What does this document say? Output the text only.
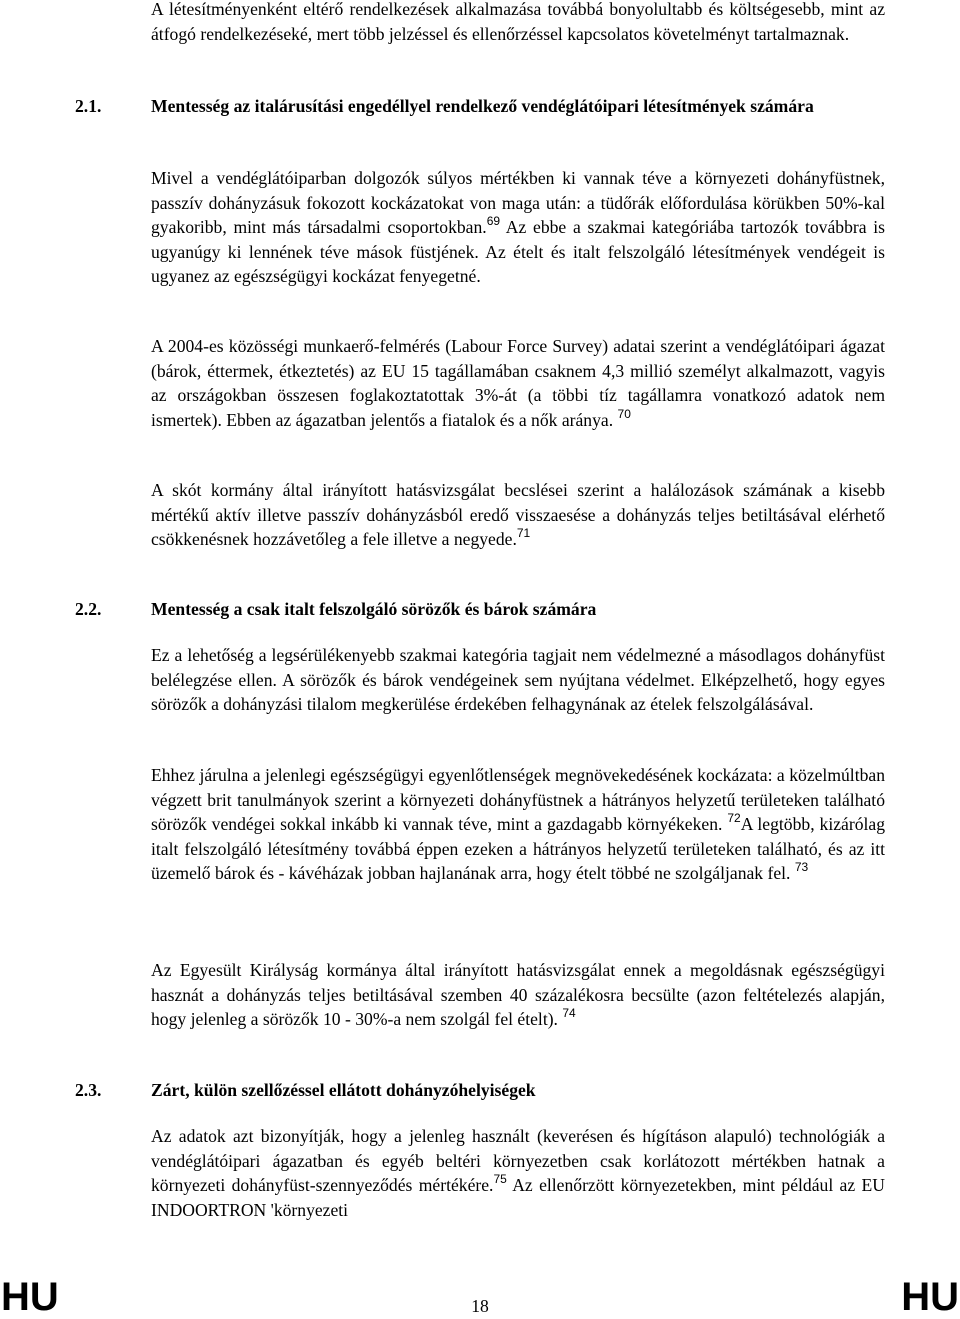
A létesítményenként eltérő rendelkezések alkalmazása továbbá bonyolultabb és költségesebb, mint az átfogó rendelkezéseké, mert több jelzéssel és ellenőrzéssel kapcsolatos követelményt tartalmaznak.

2.1.	Mentesség az italárusítási engedéllyel rendelkező vendéglátóipari létesítmények számára

Mivel a vendéglátóiparban dolgozók súlyos mértékben ki vannak téve a környezeti dohányfüstnek, passzív dohányzásuk fokozott kockázatokat von maga után: a tüdőrák előfordulása körükben 50%-kal gyakoribb, mint más társadalmi csoportokban.$^{69}$ Az ebbe a szakmai kategóriába tartozók továbbra is ugyanúgy ki lennének téve mások füstjének. Az ételt és italt felszolgáló létesítmények vendégeit is ugyanez az egészségügyi kockázat fenyegetné.

A 2004-es közösségi munkaerő-felmérés (Labour Force Survey) adatai szerint a vendéglátóipari ágazat (bárok, éttermek, étkeztetés) az EU 15 tagállamában csaknem 4,3 millió személyt alkalmazott, vagyis az országokban összesen foglakoztatottak 3%-át (a többi tíz tagállamra vonatkozó adatok nem ismertek). Ebben az ágazatban jelentős a fiatalok és a nők aránya. $^{70}$

A skót kormány által irányított hatásvizsgálat becslései szerint a halálozások számának a kisebb mértékű aktív illetve passzív dohányzásból eredő visszaesése a dohányzás teljes betiltásával elérhető csökkenésnek hozzávetőleg a fele illetve a negyede.$^{71}$

2.2.	Mentesség a csak italt felszolgáló sörözők és bárok számára

Ez a lehetőség a legsérülékenyebb szakmai kategória tagjait nem védelmezné a másodlagos dohányfüst belélegzése ellen. A sörözők és bárok vendégeinek sem nyújtana védelmet. Elképzelhető, hogy egyes sörözők a dohányzási tilalom megkerülése érdekében felhagynának az ételek felszolgálásával.

Ehhez járulna a jelenlegi egészségügyi egyenlőtlenségek megnövekedésének kockázata: a közelmúltban végzett brit tanulmányok szerint a környezeti dohányfüstnek a hátrányos helyzetű területeken található sörözők vendégei sokkal inkább ki vannak téve, mint a gazdagabb környékeken. $^{72}$A legtöbb, kizárólag italt felszolgáló létesítmény továbbá éppen ezeken a hátrányos helyzetű területeken található, és az itt üzemelő bárok és - kávéházak jobban hajlanának arra, hogy ételt többé ne szolgáljanak fel. $^{73}$

Az Egyesült Királyság kormánya által irányított hatásvizsgálat ennek a megoldásnak egészségügyi hasznát a dohányzás teljes betiltásával szemben 40 százalékosra becsülte (azon feltételezés alapján, hogy jelenleg a sörözők 10 - 30%-a nem szolgál fel ételt). $^{74}$

2.3.	Zárt, külön szellőzéssel ellátott dohányzóhelyiségek

Az adatok azt bizonyítják, hogy a jelenleg használt (keverésen és hígításon alapuló) technológiák a vendéglátóipari ágazatban és egyéb beltéri környezetben csak korlátozott mértékben hatnak a környezeti dohányfüst-szennyeződés mértékére.$^{75}$ Az ellenőrzött környezetekben, mint például az EU INDOORTRON 'környezeti

HU	18	HU
